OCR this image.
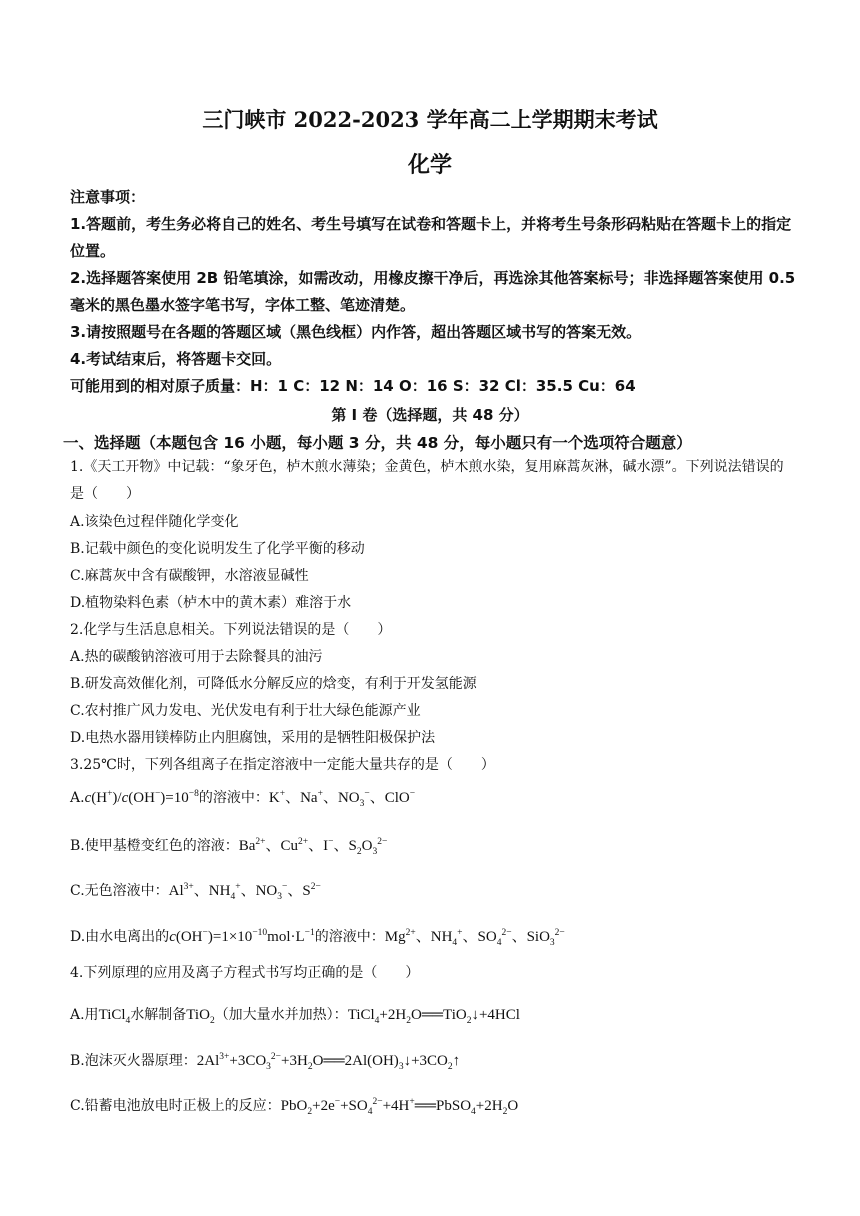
三门峡市 2022-2023 学年高二上学期期末考试
化学

注意事项：

1.答题前，考生务必将自己的姓名、考生号填写在试卷和答题卡上，并将考生号条形码粘贴在答题卡上的指定位置。

2.选择题答案使用 2B 铅笔填涂，如需改动，用橡皮擦干净后，再选涂其他答案标号；非选择题答案使用 0.5 毫米的黑色墨水签字笔书写，字体工整、笔迹清楚。

3.请按照题号在各题的答题区域（黑色线框）内作答，超出答题区域书写的答案无效。

4.考试结束后，将答题卡交回。

可能用到的相对原子质量：H：1 C：12 N：14 O：16 S：32 Cl：35.5 Cu：64

第 I 卷（选择题，共 48 分）
一、选择题（本题包含 16 小题，每小题 3 分，共 48 分，每小题只有一个选项符合题意）
1.《天工开物》中记载：“象牙色，栌木煎水薄染；金黄色，栌木煎水染，复用麻蒿灰淋，碱水漂”。下列说法错误的是（　　）
A.该染色过程伴随化学变化
B.记载中颜色的变化说明发生了化学平衡的移动
C.麻蒿灰中含有碳酸钾，水溶液显碱性
D.植物染料色素（栌木中的黄木素）难溶于水
2.化学与生活息息相关。下列说法错误的是（　　）
A.热的碳酸钠溶液可用于去除餐具的油污
B.研发高效催化剂，可降低水分解反应的焓变，有利于开发氢能源
C.农村推广风力发电、光伏发电有利于壮大绿色能源产业
D.电热水器用镁棒防止内胆腐蚀，采用的是牺牲阳极保护法
3.25℃时，下列各组离子在指定溶液中一定能大量共存的是（　　）
$A.c(H^+)/c(OH^-)=10^{-8}$的溶液中：K+、Na+、$NO_3^-$、ClO−
B.使甲基橙变红色的溶液：$Ba^{2+}$、$Cu^{2+}$、I−、$S_2O_3^{2-}$
C.无色溶液中：$Al^{3+}$、$NH_4^+$、$NO_3^-$、$S^{2-}$
D.由水电离出的$c(OH^-)=1\times 10^{-10}mol\cdot L^{-1}$的溶液中：$Mg^{2+}$、$NH_4^+$、$SO_4^{2-}$、SiO$_3^{2-}$
4.下列原理的应用及离子方程式书写均正确的是（　　）
A.用TiCl$_4$水解制备TiO$_2$（加大量水并加热）：$TiCl_4+2H_2O══TiO_2↓+4HCl$
B.泡沫灭火器原理：$2Al^{3+}+3CO_3^{2-}+3H_2O══2Al(OH)_3↓+3CO_2↑$
C.铅蓄电池放电时正极上的反应：$PbO_2+2e^-+SO_4^{2-}+4H^+══PbSO_4+2H_2O$
